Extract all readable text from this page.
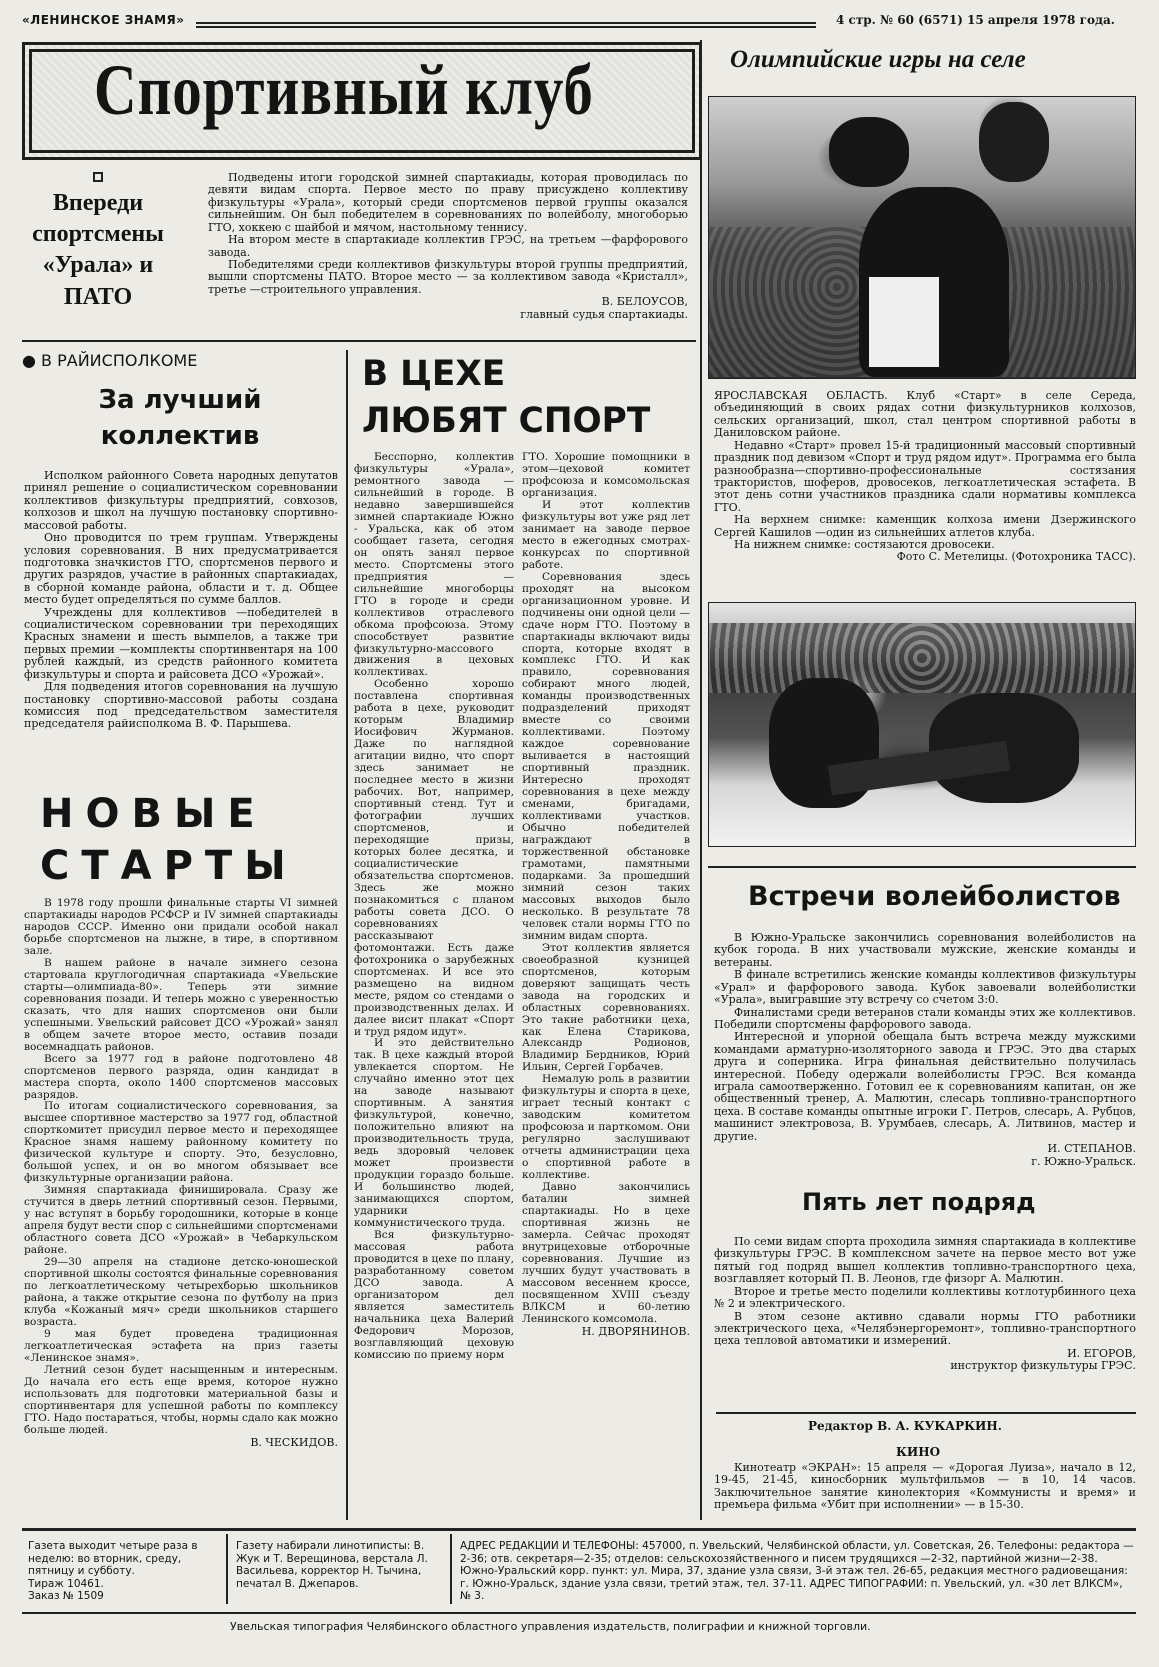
«ЛЕНИНСКОЕ ЗНАМЯ»	4 стр. № 60 (6571) 15 апреля 1978 года.
Спортивный клуб	Олимпийские игры на селе

ЯРОСЛАВСКАЯ ОБЛАСТЬ. Клуб «Старт» в селе Середа, объединяющий в своих рядах сотни физкультурников колхозов, сельских организаций, школ, стал центром спортивной работы в Даниловском районе.

Недавно «Старт» провел 15-й традиционный массовый спортивный праздник под девизом «Спорт и труд рядом идут». Программа его была разнообразна—спортивно-профессиональные состязания трактористов, шоферов, дровосеков, легкоатлетическая эстафета. В этот день сотни участников праздника сдали нормативы комплекса ГТО.

На верхнем снимке: каменщик колхоза имени Дзержинского Сергей Кашилов —один из сильнейших атлетов клуба.

На нижнем снимке: состязаются дровосеки.

Фото С. Метелицы. (Фотохроника ТАСС).
Впереди спортсмены «Урала» и ПАТО

Подведены итоги городской зимней спартакиады, которая проводилась по девяти видам спорта. Первое место по праву присуждено коллективу физкультуры «Урала», который среди спортсменов первой группы оказался сильнейшим. Он был победителем в соревнованиях по волейболу, многоборью ГТО, хоккею с шайбой и мячом, настольному теннису.

На втором месте в спартакиаде коллектив ГРЭС, на третьем —фарфорового завода.

Победителями среди коллективов физкультуры второй группы предприятий, вышли спортсмены ПАТО. Второе место — за коллективом завода «Кристалл», третье —строительного управления.

В. БЕЛОУСОВ,
главный судья спартакиады.
● В РАЙИСПОЛКОМЕ
За лучший коллектив

Исполком районного Совета народных депутатов принял решение о социалистическом соревновании коллективов физкультуры предприятий, совхозов, колхозов и школ на лучшую постановку спортивно-массовой работы.

Оно проводится по трем группам. Утверждены условия соревнования. В них предусматривается подготовка значкистов ГТО, спортсменов первого и других разрядов, участие в районных спартакиадах, в сборной команде района, области и т. д. Общее место будет определяться по сумме баллов.

Учреждены для коллективов —победителей в социалистическом соревновании три переходящих Красных знамени и шесть вымпелов, а также три первых премии —комплекты спортинвентаря на 100 рублей каждый, из средств районного комитета физкультуры и спорта и райсовета ДСО «Урожай».

Для подведения итогов соревнования на лучшую постановку спортивно-массовой работы создана комиссия под председательством заместителя председателя райисполкома В. Ф. Парышева.

НОВЫЕ
СТАРТЫ

В 1978 году прошли финальные старты VI зимней спартакиады народов РСФСР и IV зимней спартакиады народов СССР. Именно они придали особой накал борьбе спортсменов на лыжне, в тире, в спортивном зале.

В нашем районе в начале зимнего сезона стартовала круглогодичная спартакиада «Увельские старты—олимпиада-80». Теперь эти зимние соревнования позади. И теперь можно с уверенностью сказать, что для наших спортсменов они были успешными. Увельский райсовет ДСО «Урожай» занял в общем зачете второе место, оставив позади восемнадцать районов.

Всего за 1977 год в районе подготовлено 48 спортсменов первого разряда, один кандидат в мастера спорта, около 1400 спортсменов массовых разрядов.

По итогам социалистического соревнования, за высшее спортивное мастерство за 1977 год, областной спорткомитет присудил первое место и переходящее Красное знамя нашему районному комитету по физической культуре и спорту. Это, безусловно, большой успех, и он во многом обязывает все физкультурные организации района.

Зимняя спартакиада финишировала. Сразу же стучится в дверь летний спортивный сезон. Первыми, у нас вступят в борьбу городошники, которые в конце апреля будут вести спор с сильнейшими спортсменами областного совета ДСО «Урожай» в Чебаркульском районе.

29—30 апреля на стадионе детско-юношеской спортивной школы состоятся финальные соревнования по легкоатлетическому четырехборью школьников района, а также открытие сезона по футболу на приз клуба «Кожаный мяч» среди школьников старшего возраста.

9 мая будет проведена традиционная легкоатлетическая эстафета на приз газеты «Ленинское знамя».

Летний сезон будет насыщенным и интересным. До начала его есть еще время, которое нужно использовать для подготовки материальной базы и спортинвентаря для успешной работы по комплексу ГТО. Надо постараться, чтобы, нормы сдало как можно больше людей.

В. ЧЕСКИДОВ.
В ЦЕХЕ
ЛЮБЯТ СПОРТ

Бесспорно, коллектив физкультуры «Урала», ремонтного завода — сильнейший в городе. В недавно завершившейся зимней спартакиаде Южно - Уральска, как об этом сообщает газета, сегодня он опять занял первое место. Спортсмены этого предприятия — сильнейшие многоборцы ГТО в городе и среди коллективов отраслевого обкома профсоюза. Этому способствует развитие физкультурно-массового движения в цеховых коллективах.

Особенно хорошо поставлена спортивная работа в цехе, руководит которым Владимир Иосифович Журманов. Даже по наглядной агитации видно, что спорт здесь занимает не последнее место в жизни рабочих. Вот, например, спортивный стенд. Тут и фотографии лучших спортсменов, и переходящие призы, которых более десятка, и социалистические обязательства спортсменов. Здесь же можно познакомиться с планом работы совета ДСО. О соревнованиях рассказывают фотомонтажи. Есть даже фотохроника о зарубежных спортсменах. И все это размещено на видном месте, рядом со стендами о производственных делах. И далее висит плакат «Спорт и труд рядом идут».

И это действительно так. В цехе каждый второй увлекается спортом. Не случайно именно этот цех на заводе называют спортивным. А занятия физкультурой, конечно, положительно влияют на производительность труда, ведь здоровый человек может произвести продукции гораздо больше. И большинство людей, занимающихся спортом, ударники коммунистического труда.

Вся физкультурно-массовая работа проводится в цехе по плану, разработанному советом ДСО завода. А организатором дел является заместитель начальника цеха Валерий Федорович Морозов, возглавляющий цеховую комиссию по приему норм

ГТО. Хорошие помощники в этом—цеховой комитет профсоюза и комсомольская организация.

И этот коллектив физкультуры вот уже ряд лет занимает на заводе первое место в ежегодных смотрах-конкурсах по спортивной работе.

Соревнования здесь проходят на высоком организационном уровне. И подчинены они одной цели —сдаче норм ГТО. Поэтому в спартакиады включают виды спорта, которые входят в комплекс ГТО. И как правило, соревнования собирают много людей, команды производственных подразделений приходят вместе со своими коллективами. Поэтому каждое соревнование выливается в настоящий спортивный праздник. Интересно проходят соревнования в цехе между сменами, бригадами, коллективами участков. Обычно победителей награждают в торжественной обстановке грамотами, памятными подарками. За прошедший зимний сезон таких массовых выходов было несколько. В результате 78 человек стали нормы ГТО по зимним видам спорта.

Этот коллектив является своеобразной кузницей спортсменов, которым доверяют защищать честь завода на городских и областных соревнованиях. Это такие работники цеха, как Елена Старикова, Александр Родионов, Владимир Бердников, Юрий Ильин, Сергей Горбачев.

Немалую роль в развитии физкультуры и спорта в цехе, играет тесный контакт с заводским комитетом профсоюза и парткомом. Они регулярно заслушивают отчеты администрации цеха о спортивной работе в коллективе.

Давно закончились баталии зимней спартакиады. Но в цехе спортивная жизнь не замерла. Сейчас проходят внутрицеховые отборочные соревнования. Лучшие из лучших будут участвовать в массовом весеннем кроссе, посвященном XVIII съезду ВЛКСМ и 60-летию Ленинского комсомола.

Н. ДВОРЯНИНОВ.
Встречи волейболистов

В Южно-Уральске закончились соревнования волейболистов на кубок города. В них участвовали мужские, женские команды и ветераны.

В финале встретились женские команды коллективов физкультуры «Урал» и фарфорового завода. Кубок завоевали волейболистки «Урала», выигравшие эту встречу со счетом 3:0.

Финалистами среди ветеранов стали команды этих же коллективов. Победили спортсмены фарфорового завода.

Интересной и упорной обещала быть встреча между мужскими командами арматурно-изоляторного завода и ГРЭС. Это два старых друга и соперника. Игра финальная действительно получилась интересной. Победу одержали волейболисты ГРЭС. Вся команда играла самоотверженно. Готовил ее к соревнованиям капитан, он же общественный тренер, А. Малютин, слесарь топливно-транспортного цеха. В составе команды опытные игроки Г. Петров, слесарь, А. Рубцов, машинист электровоза, В. Урумбаев, слесарь, А. Литвинов, мастер и другие.

И. СТЕПАНОВ.
г. Южно-Уральск.
Пять лет подряд

По семи видам спорта проходила зимняя спартакиада в коллективе физкультуры ГРЭС. В комплексном зачете на первое место вот уже пятый год подряд вышел коллектив топливно-транспортного цеха, возглавляет который П. В. Леонов, где физорг А. Малютин.

Второе и третье место поделили коллективы котлотурбинного цеха № 2 и электрического.

В этом сезоне активно сдавали нормы ГТО работники электрического цеха, «Челябэнергоремонт», топливно-транспортного цеха тепловой автоматики и измерений.

И. ЕГОРОВ,
инструктор физкультуры ГРЭС.
Редактор В. А. КУКАРКИН.
КИНО

Кинотеатр «ЭКРАН»: 15 апреля — «Дорогая Луиза», начало в 12, 19-45, 21-45, киносборник мультфильмов — в 10, 14 часов. Заключительное занятие кинолектория «Коммунисты и время» и премьера фильма «Убит при исполнении» — в 15-30.

Газета выходит четыре раза в неделю: во вторник, среду, пятницу и субботу.
Тираж 10461.
Заказ № 1509
Газету набирали линотиписты: В. Жук и Т. Верещинова, верстала Л. Васильева, корректор Н. Тычина, печатал В. Джепаров.
АДРЕС РЕДАКЦИИ И ТЕЛЕФОНЫ: 457000, п. Увельский, Челябинской области, ул. Советская, 26. Телефоны: редактора — 2-36; отв. секретаря—2-35; отделов: сельскохозяйственного и писем трудящихся —2-32, партийной жизни—2-38. Южно-Уральский корр. пункт: ул. Мира, 37, здание узла связи, 3-й этаж тел. 26-65, редакция местного радиовещания: г. Южно-Уральск, здание узла связи, третий этаж, тел. 37-11. АДРЕС ТИПОГРАФИИ: п. Увельский, ул. «30 лет ВЛКСМ», № 3.
Увельская типография Челябинского областного управления издательств, полиграфии и книжной торговли.
